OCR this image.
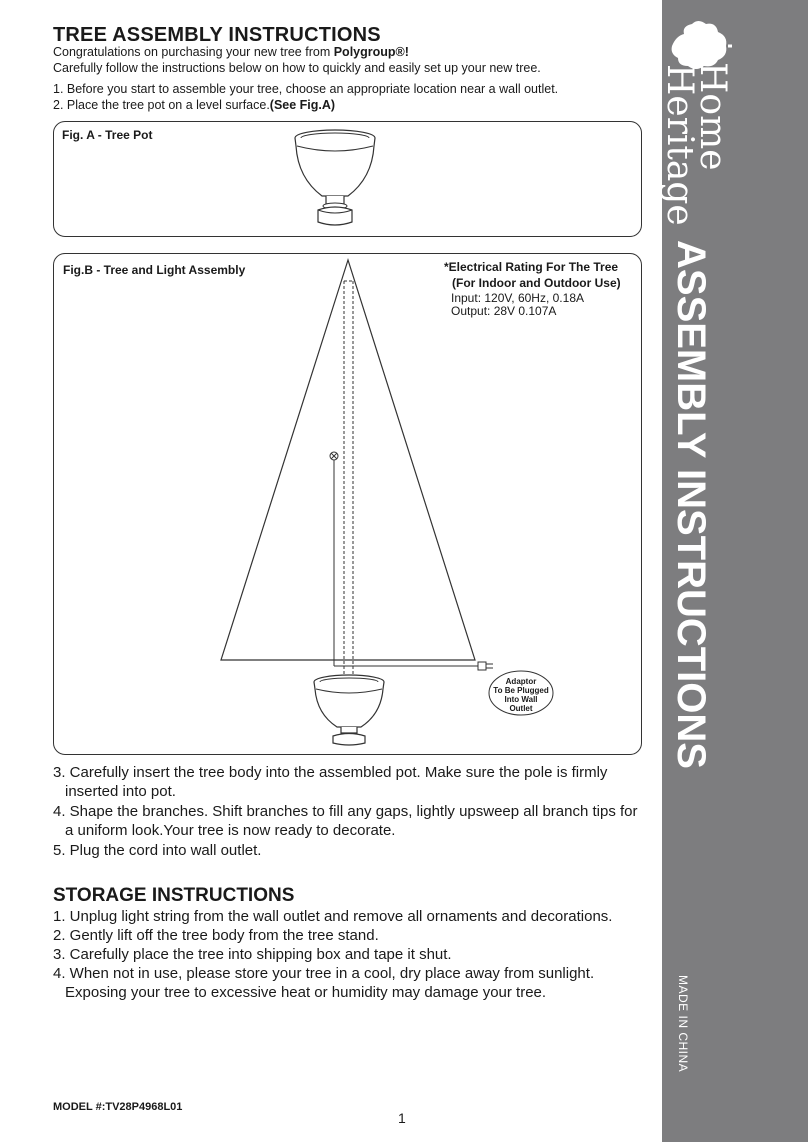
TREE ASSEMBLY INSTRUCTIONS
Congratulations on purchasing your new tree from Polygroup®!
Carefully follow the instructions below on how to quickly and easily set up your new tree.
1. Before you start to assemble your tree, choose an appropriate location near a wall outlet.
2. Place the tree pot on a level surface.(See Fig.A)
Fig. A - Tree Pot
Fig.B - Tree and Light Assembly	*Electrical Rating For The Tree
(For Indoor and Outdoor Use)
Input: 120V, 60Hz, 0.18A
Output: 28V 0.107A
Adaptor
To Be Plugged
Into Wall
Outlet
3. Carefully insert the tree body into the assembled pot. Make sure the pole is firmly
inserted into pot.
4. Shape the branches. Shift branches to fill any gaps, lightly upsweep all branch tips for
a uniform look.Your tree is now ready to decorate.
5. Plug the cord into wall outlet.
STORAGE INSTRUCTIONS
1. Unplug light string from the wall outlet and remove all ornaments and decorations.
2. Gently lift off the tree body from the tree stand.
3. Carefully place the tree into shipping box and tape it shut.
4. When not in use, please store your tree in a cool, dry place away from sunlight.
Exposing your tree to excessive heat or humidity may damage your tree.
MODEL #:TV28P4968L01
1
Home
Heritage
ASSEMBLY INSTRUCTIONS
MADE IN CHINA
